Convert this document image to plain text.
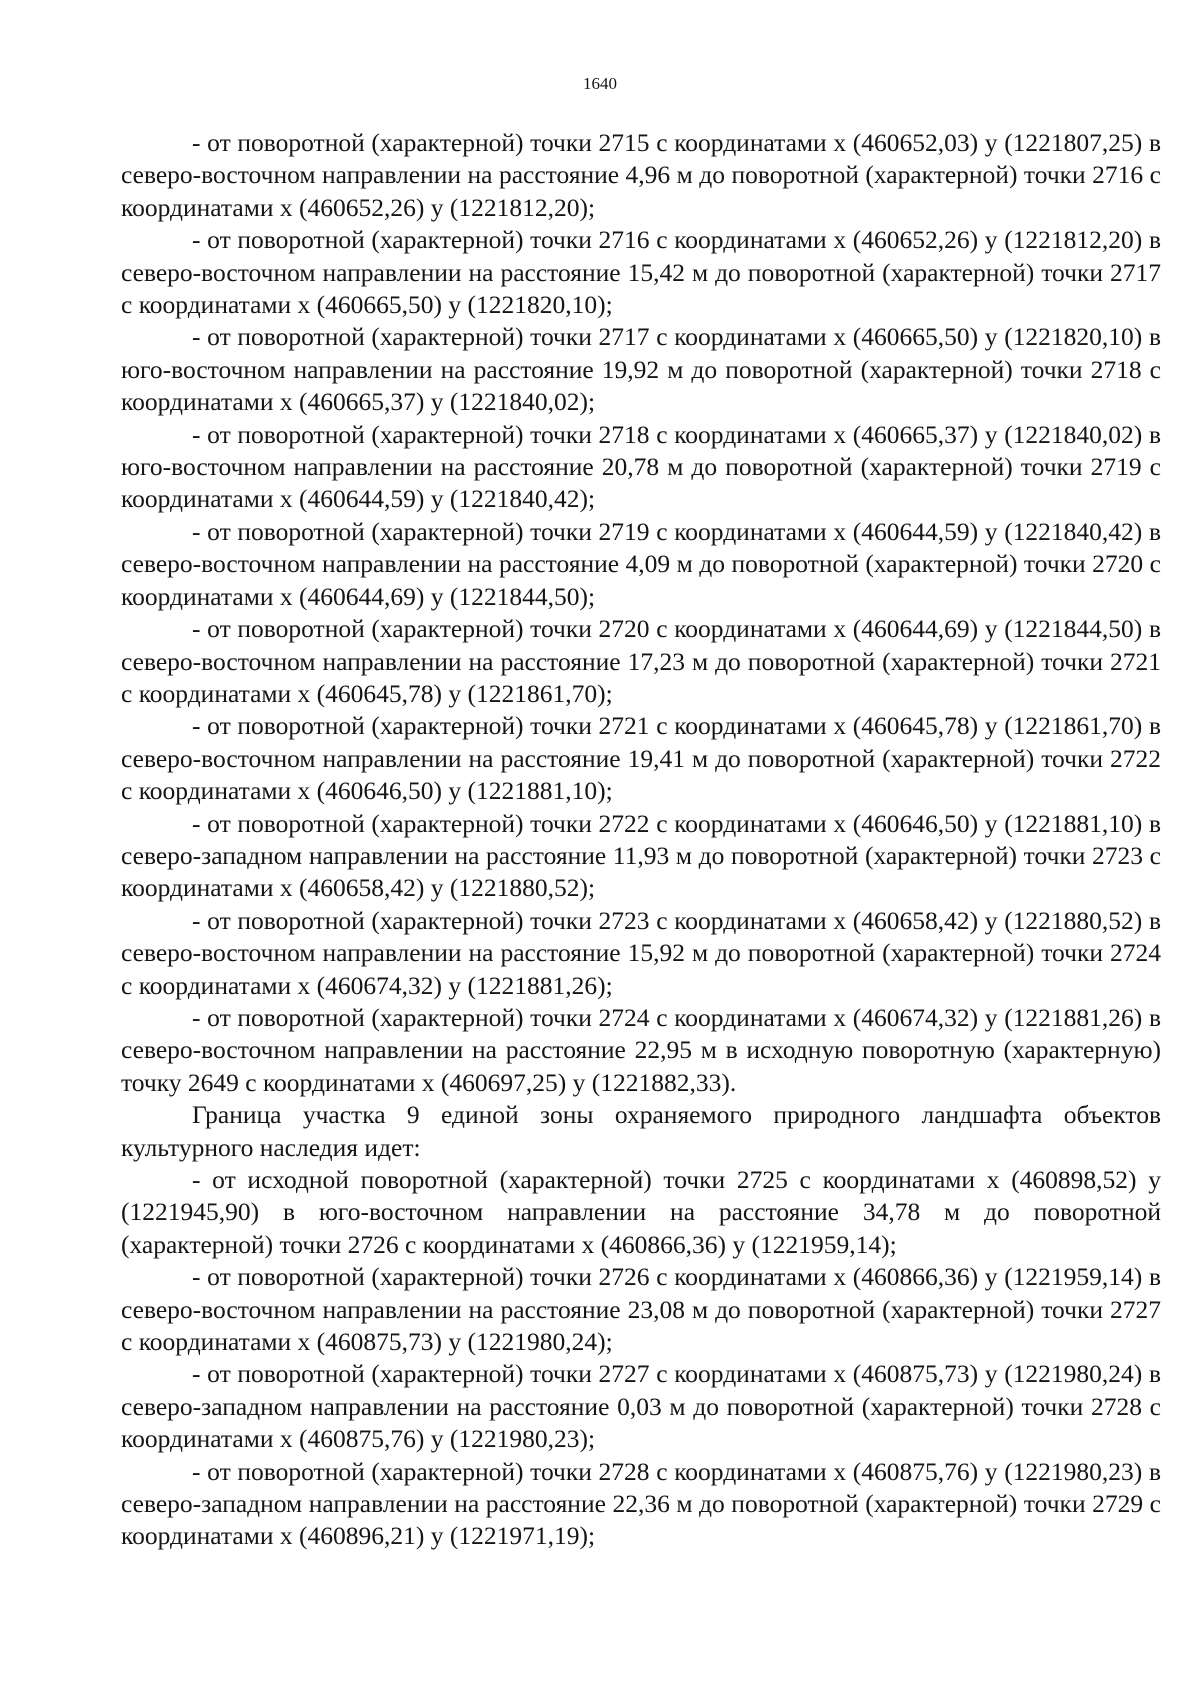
1640

- от поворотной (характерной) точки 2715 с координатами x (460652,03) y (1221807,25) в северо-восточном направлении на расстояние 4,96 м до поворотной (характерной) точки 2716 с координатами x (460652,26) y (1221812,20);

- от поворотной (характерной) точки 2716 с координатами x (460652,26) y (1221812,20) в северо-восточном направлении на расстояние 15,42 м до поворотной (характерной) точки 2717 с координатами x (460665,50) y (1221820,10);

- от поворотной (характерной) точки 2717 с координатами x (460665,50) y (1221820,10) в юго-восточном направлении на расстояние 19,92 м до поворотной (характерной) точки 2718 с координатами x (460665,37) y (1221840,02);

- от поворотной (характерной) точки 2718 с координатами x (460665,37) y (1221840,02) в юго-восточном направлении на расстояние 20,78 м до поворотной (характерной) точки 2719 с координатами x (460644,59) y (1221840,42);

- от поворотной (характерной) точки 2719 с координатами x (460644,59) y (1221840,42) в северо-восточном направлении на расстояние 4,09 м до поворотной (характерной) точки 2720 с координатами x (460644,69) y (1221844,50);

- от поворотной (характерной) точки 2720 с координатами x (460644,69) y (1221844,50) в северо-восточном направлении на расстояние 17,23 м до поворотной (характерной) точки 2721 с координатами x (460645,78) y (1221861,70);

- от поворотной (характерной) точки 2721 с координатами x (460645,78) y (1221861,70) в северо-восточном направлении на расстояние 19,41 м до поворотной (характерной) точки 2722 с координатами x (460646,50) y (1221881,10);

- от поворотной (характерной) точки 2722 с координатами x (460646,50) y (1221881,10) в северо-западном направлении на расстояние 11,93 м до поворотной (характерной) точки 2723 с координатами x (460658,42) y (1221880,52);

- от поворотной (характерной) точки 2723 с координатами x (460658,42) y (1221880,52) в северо-восточном направлении на расстояние 15,92 м до поворотной (характерной) точки 2724 с координатами x (460674,32) y (1221881,26);

- от поворотной (характерной) точки 2724 с координатами x (460674,32) y (1221881,26) в северо-восточном направлении на расстояние 22,95 м в исходную поворотную (характерную) точку 2649 с координатами x (460697,25) y (1221882,33).

Граница участка 9 единой зоны охраняемого природного ландшафта объектов культурного наследия идет:

- от исходной поворотной (характерной) точки 2725 с координатами x (460898,52) y (1221945,90) в юго-восточном направлении на расстояние 34,78 м до поворотной (характерной) точки 2726 с координатами x (460866,36) y (1221959,14);

- от поворотной (характерной) точки 2726 с координатами x (460866,36) y (1221959,14) в северо-восточном направлении на расстояние 23,08 м до поворотной (характерной) точки 2727 с координатами x (460875,73) y (1221980,24);

- от поворотной (характерной) точки 2727 с координатами x (460875,73) y (1221980,24) в северо-западном направлении на расстояние 0,03 м до поворотной (характерной) точки 2728 с координатами x (460875,76) y (1221980,23);

- от поворотной (характерной) точки 2728 с координатами x (460875,76) y (1221980,23) в северо-западном направлении на расстояние 22,36 м до поворотной (характерной) точки 2729 с координатами x (460896,21) y (1221971,19);
